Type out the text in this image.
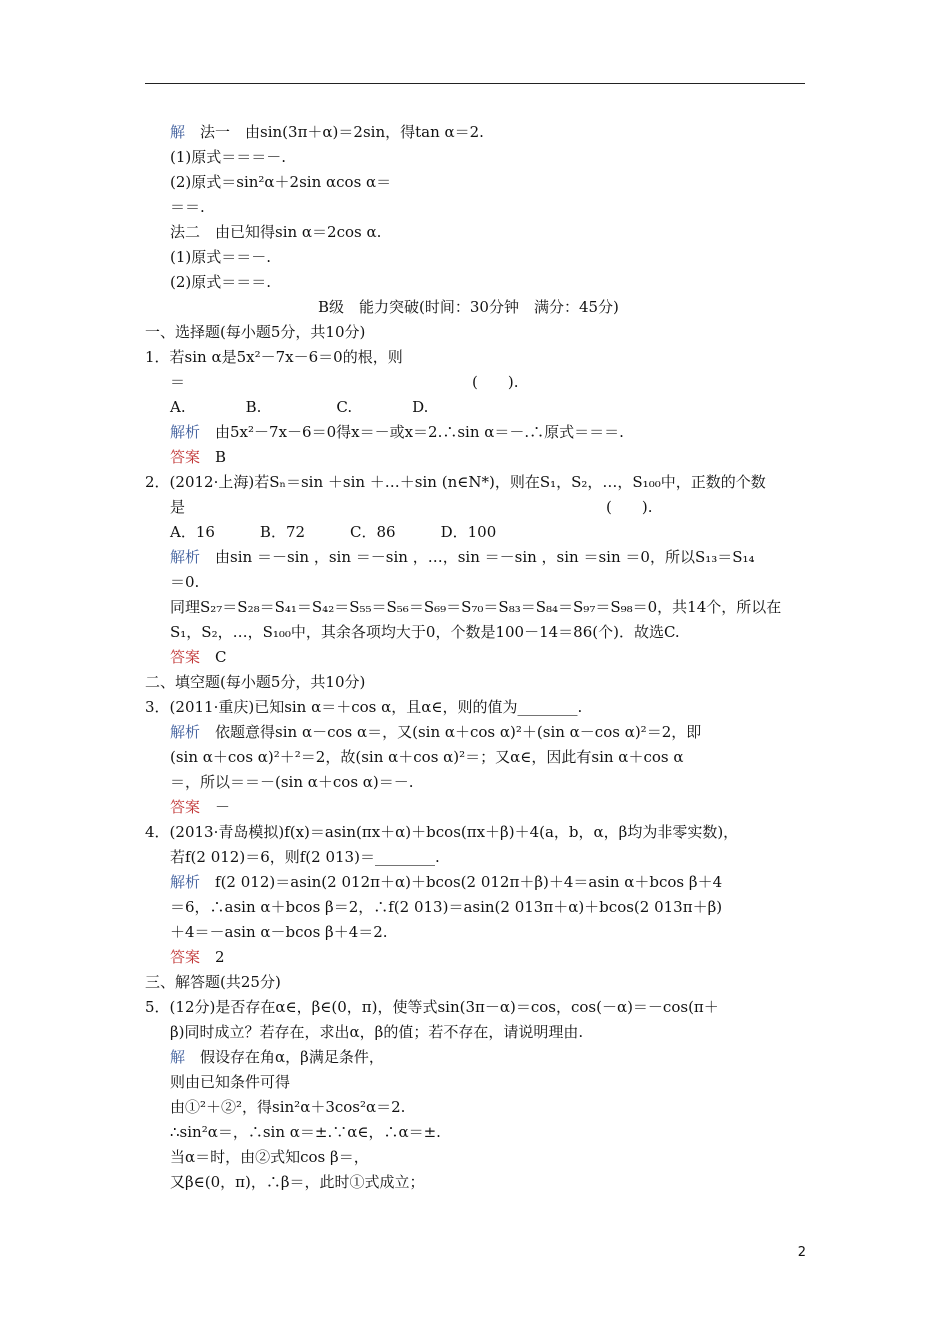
解　法一　由sin(3π＋α)＝2sin，得tan α＝2.
(1)原式＝＝＝－.
(2)原式＝sin²α＋2sin αcos α＝
＝＝.
法二　由已知得sin α＝2cos α.
(1)原式＝＝－.
(2)原式＝＝＝.
B级　能力突破(时间：30分钟　满分：45分)
一、选择题(每小题5分，共10分)
1．若sin α是5x²－7x－6＝0的根，则
＝	(　　).
A.　　　　B.　　　　　C.　　　　D.
解析　由5x²－7x－6＝0得x＝－或x＝2.∴sin α＝－.∴原式＝＝＝.
答案　B
2．(2012·上海)若Sₙ＝sin ＋sin ＋…＋sin (n∈N*)，则在S₁，S₂，…，S₁₀₀中，正数的个数
是	(　　).
A．16　　　B．72　　　C．86　　　D．100
解析　由sin ＝－sin ，sin ＝－sin ，…，sin ＝－sin ，sin ＝sin ＝0，所以S₁₃＝S₁₄
＝0.
同理S₂₇＝S₂₈＝S₄₁＝S₄₂＝S₅₅＝S₅₆＝S₆₉＝S₇₀＝S₈₃＝S₈₄＝S₉₇＝S₉₈＝0，共14个，所以在
S₁，S₂，…，S₁₀₀中，其余各项均大于0，个数是100－14＝86(个)．故选C.
答案　C
二、填空题(每小题5分，共10分)
3．(2011·重庆)已知sin α＝＋cos α，且α∈，则的值为________.
解析　依题意得sin α－cos α＝，又(sin α＋cos α)²＋(sin α－cos α)²＝2，即
(sin α＋cos α)²＋²＝2，故(sin α＋cos α)²＝；又α∈，因此有sin α＋cos α
＝，所以＝＝－(sin α＋cos α)＝－.
答案　－
4．(2013·青岛模拟)f(x)＝asin(πx＋α)＋bcos(πx＋β)＋4(a，b，α，β均为非零实数)，
若f(2 012)＝6，则f(2 013)＝________.
解析　f(2 012)＝asin(2 012π＋α)＋bcos(2 012π＋β)＋4＝asin α＋bcos β＋4
＝6，∴asin α＋bcos β＝2，∴f(2 013)＝asin(2 013π＋α)＋bcos(2 013π＋β)
＋4＝－asin α－bcos β＋4＝2.
答案　2
三、解答题(共25分)
5．(12分)是否存在α∈，β∈(0，π)，使等式sin(3π－α)＝cos，cos(－α)＝－cos(π＋
β)同时成立？若存在，求出α，β的值；若不存在，请说明理由.
解　假设存在角α，β满足条件，
则由已知条件可得
由①²＋②²，得sin²α＋3cos²α＝2.
∴sin²α＝，∴sin α＝±.∵α∈，∴α＝±.
当α＝时，由②式知cos β＝，
又β∈(0，π)，∴β＝，此时①式成立；
2
